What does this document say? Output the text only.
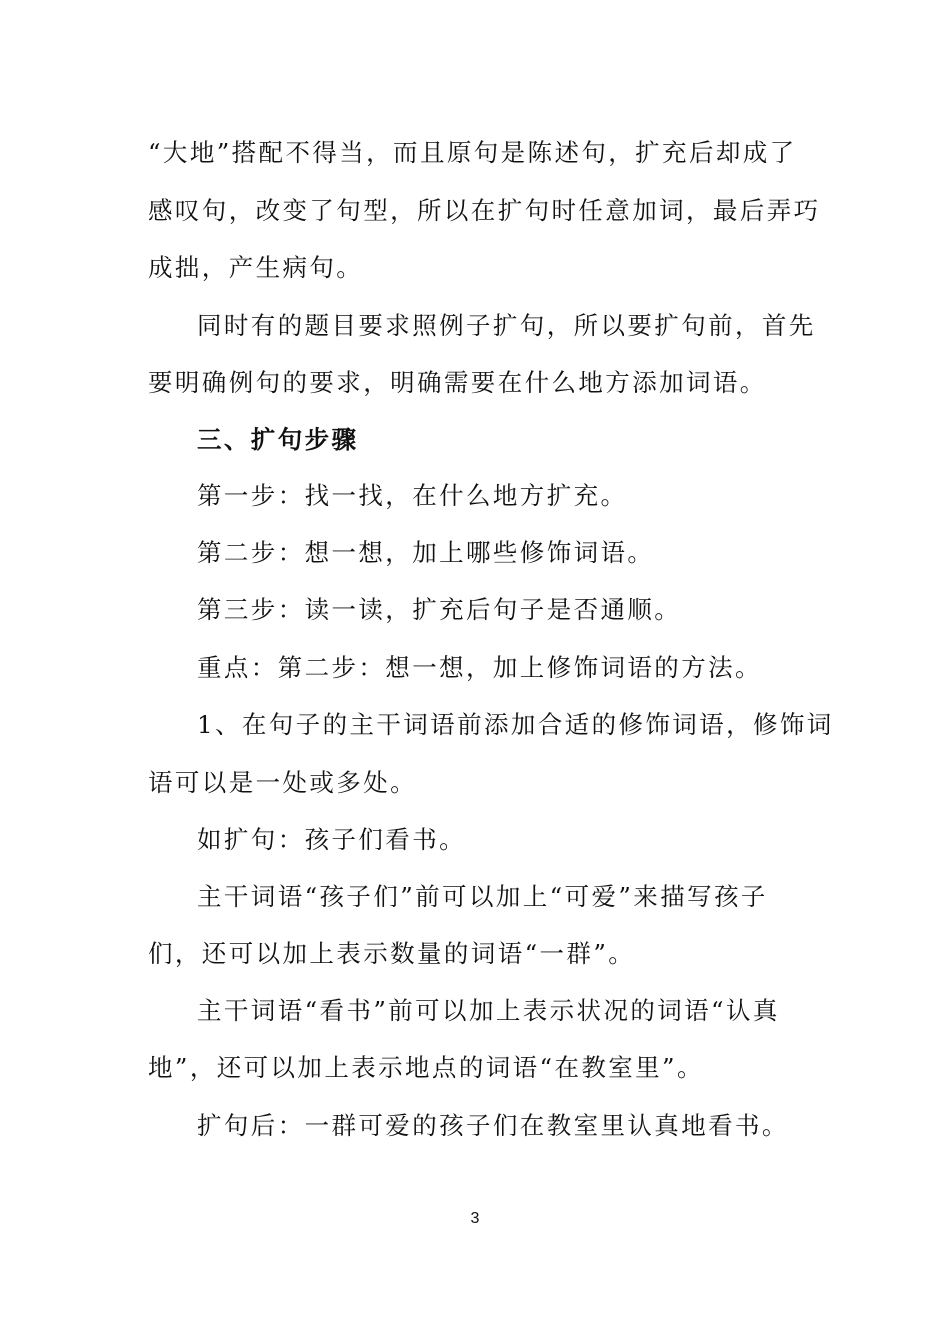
“大地”搭配不得当，而且原句是陈述句，扩充后却成了
感叹句，改变了句型，所以在扩句时任意加词，最后弄巧
成拙，产生病句。
同时有的题目要求照例子扩句，所以要扩句前，首先
要明确例句的要求，明确需要在什么地方添加词语。
三、扩句步骤
第一步：找一找，在什么地方扩充。
第二步：想一想，加上哪些修饰词语。
第三步：读一读，扩充后句子是否通顺。
重点：第二步：想一想，加上修饰词语的方法。
1、在句子的主干词语前添加合适的修饰词语，修饰词
语可以是一处或多处。
如扩句：孩子们看书。
主干词语“孩子们”前可以加上“可爱”来描写孩子
们，还可以加上表示数量的词语“一群”。
主干词语“看书”前可以加上表示状况的词语“认真
地”，还可以加上表示地点的词语“在教室里”。
扩句后：一群可爱的孩子们在教室里认真地看书。
3
